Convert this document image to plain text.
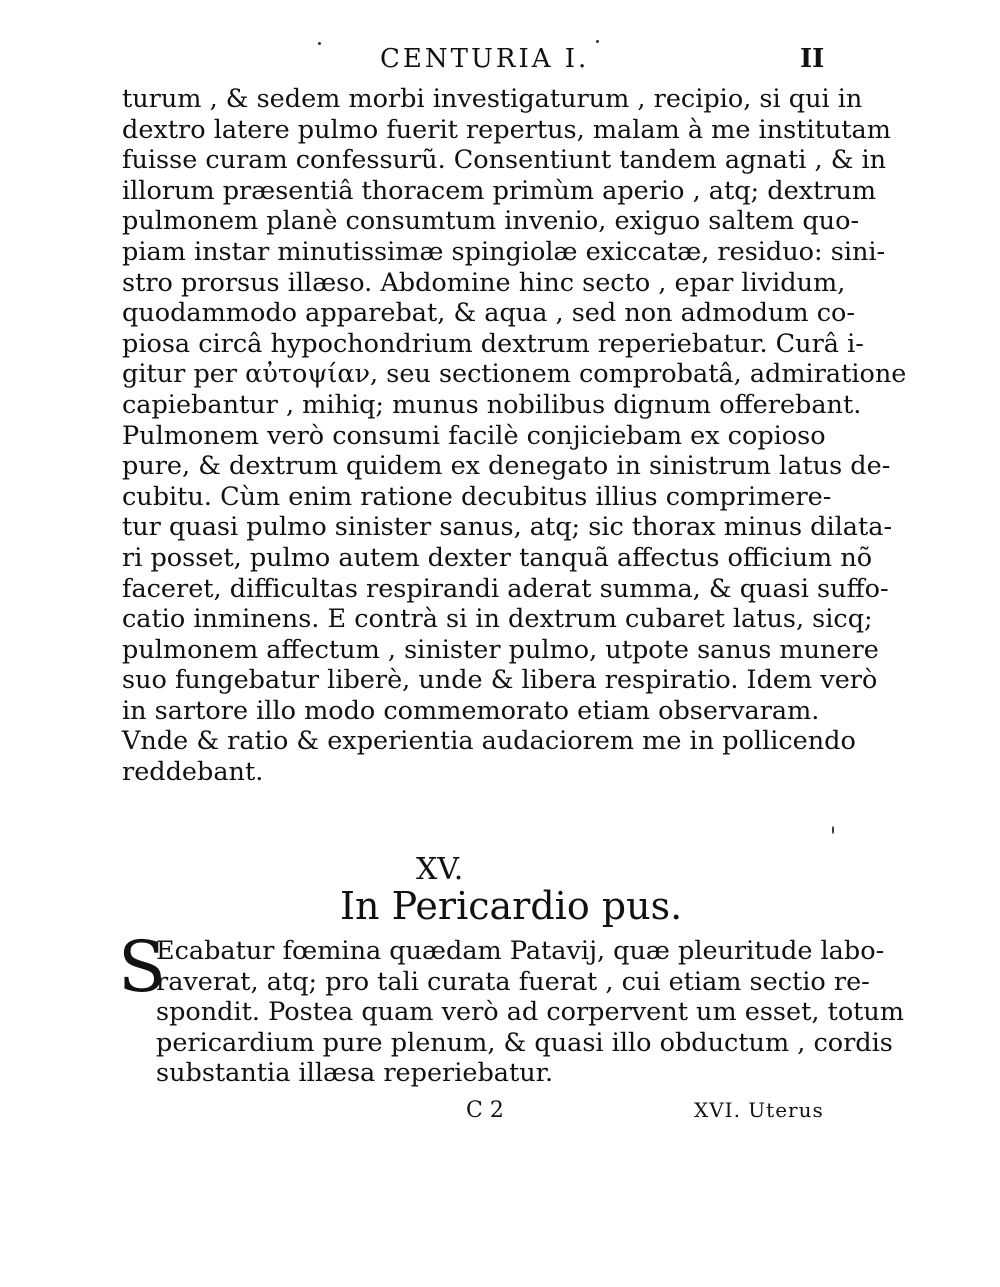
CENTURIA I.	II
turum , & sedem morbi investigaturum , recipio, si qui in
dextro latere pulmo fuerit repertus, malam à me institutam
fuisse curam confessurũ. Consentiunt tandem agnati , & in
illorum præsentiâ thoracem primùm aperio , atq; dextrum
pulmonem planè consumtum invenio, exiguo saltem quo-
piam instar minutissimæ spingiolæ exiccatæ, residuo: sini-
stro prorsus illæso. Abdomine hinc secto , epar lividum,
quodammodo apparebat, & aqua , sed non admodum co-
piosa circâ hypochondrium dextrum reperiebatur. Curâ i-
gitur per αὐτοψίαν, seu sectionem comprobatâ, admiratione
capiebantur , mihiq; munus nobilibus dignum offerebant.
Pulmonem verò consumi facilè conjiciebam ex copioso
pure, & dextrum quidem ex denegato in sinistrum latus de-
cubitu. Cùm enim ratione decubitus illius comprimere-
tur quasi pulmo sinister sanus, atq; sic thorax minus dilata-
ri posset, pulmo autem dexter tanquã affectus officium nõ
faceret, difficultas respirandi aderat summa, & quasi suffo-
catio inminens. E contrà si in dextrum cubaret latus, sicq;
pulmonem affectum , sinister pulmo, utpote sanus munere
suo fungebatur liberè, unde & libera respiratio. Idem verò
in sartore illo modo commemorato etiam observaram.
Vnde & ratio & experientia audaciorem me in pollicendo
reddebant.
XV.
In Pericardio pus.
S
Ecabatur fœmina quædam Patavij, quæ pleuritude labo-
raverat, atq; pro tali curata fuerat , cui etiam sectio re-
spondit. Postea quam verò ad corpervent um esset, totum
pericardium pure plenum, & quasi illo obductum , cordis
substantia illæsa reperiebatur.
C 2	XVI. Uterus
